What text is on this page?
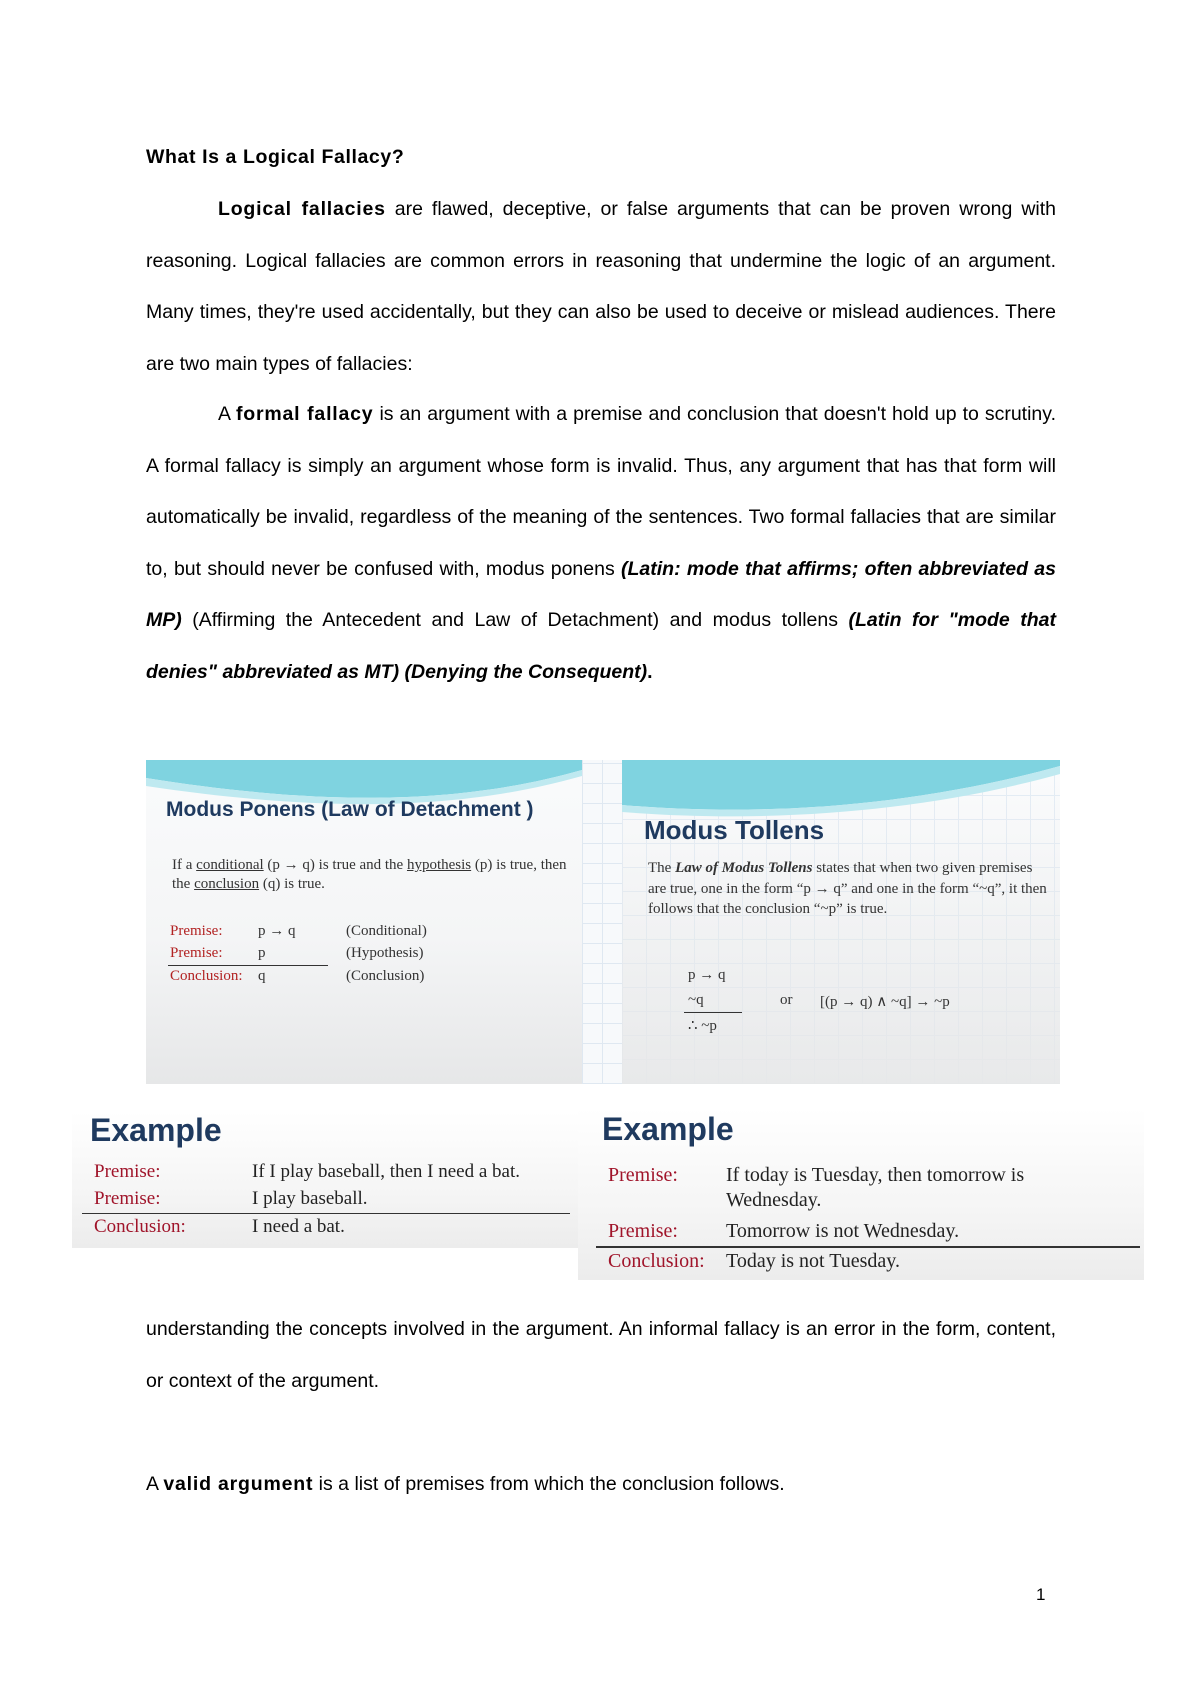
What Is a Logical Fallacy?
Logical fallacies are flawed, deceptive, or false arguments that can be proven wrong with reasoning. Logical fallacies are common errors in reasoning that undermine the logic of an argument. Many times, they're used accidentally, but they can also be used to deceive or mislead audiences. There are two main types of fallacies:
A formal fallacy is an argument with a premise and conclusion that doesn't hold up to scrutiny. A formal fallacy is simply an argument whose form is invalid. Thus, any argument that has that form will automatically be invalid, regardless of the meaning of the sentences. Two formal fallacies that are similar to, but should never be confused with, modus ponens (Latin: mode that affirms; often abbreviated as MP) (Affirming the Antecedent and Law of Detachment) and modus tollens (Latin for "mode that denies" abbreviated as MT) (Denying the Consequent).
Modus Ponens (Law of Detachment )
If a conditional (p → q) is true and the hypothesis (p) is true, then the conclusion (q) is true.
Premise: p → q	(Conditional)
Premise: p	(Hypothesis)
Conclusion: q	(Conclusion)
Modus Tollens
The Law of Modus Tollens states that when two given premises are true, one in the form “p → q” and one in the form “~q”, it then follows that the conclusion “~p” is true.
p → q
~q
∴ ~p
or [(p → q) ∧ ~q] → ~p
Example
Premise:	If I play baseball, then I need a bat.
Premise:	I play baseball.
Conclusion:	I need a bat.
Example
Premise: If today is Tuesday, then tomorrow is
Wednesday.
Premise: Tomorrow is not Wednesday.
Conclusion: Today is not Tuesday.
understanding the concepts involved in the argument. An informal fallacy is an error in the form, content, or context of the argument.
A valid argument is a list of premises from which the conclusion follows.
1
